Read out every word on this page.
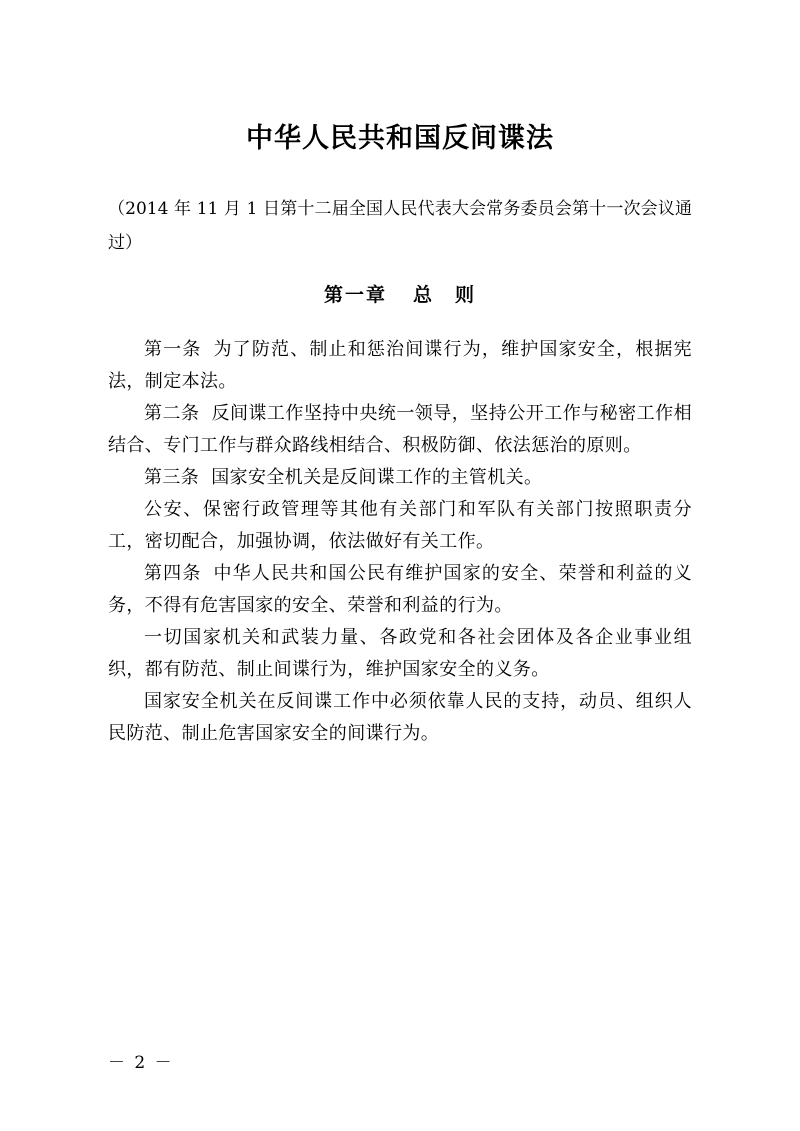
中华人民共和国反间谍法

（2014 年 11 月 1 日第十二届全国人民代表大会常务委员会第十一次会议通过）

第一章 总　则

第一条 为了防范、制止和惩治间谍行为，维护国家安全，根据宪法，制定本法。

第二条 反间谍工作坚持中央统一领导，坚持公开工作与秘密工作相结合、专门工作与群众路线相结合、积极防御、依法惩治的原则。

第三条 国家安全机关是反间谍工作的主管机关。

公安、保密行政管理等其他有关部门和军队有关部门按照职责分工，密切配合，加强协调，依法做好有关工作。

第四条 中华人民共和国公民有维护国家的安全、荣誉和利益的义务，不得有危害国家的安全、荣誉和利益的行为。

一切国家机关和武装力量、各政党和各社会团体及各企业事业组织，都有防范、制止间谍行为，维护国家安全的义务。

国家安全机关在反间谍工作中必须依靠人民的支持，动员、组织人民防范、制止危害国家安全的间谍行为。

－ 2 －
